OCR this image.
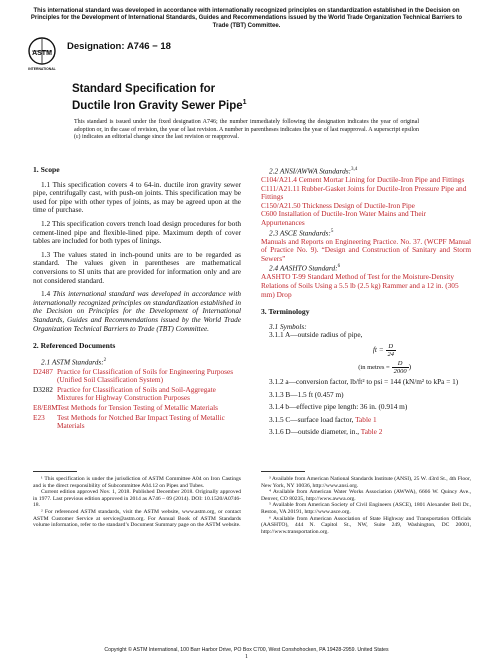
This international standard was developed in accordance with internationally recognized principles on standardization established in the Decision on Principles for the Development of International Standards, Guides and Recommendations issued by the World Trade Organization Technical Barriers to Trade (TBT) Committee.
ASTM
INTERNATIONAL
Designation: A746 − 18
Standard Specification for
Ductile Iron Gravity Sewer Pipe$^1$
This standard is issued under the fixed designation A746; the number immediately following the designation indicates the year of original adoption or, in the case of revision, the year of last revision. A number in parentheses indicates the year of last reapproval. A superscript epsilon (ε) indicates an editorial change since the last revision or reapproval.
1. Scope

1.1 This specification covers 4 to 64-in. ductile iron gravity sewer pipe, centrifugally cast, with push-on joints. This specification may be used for pipe with other types of joints, as may be agreed upon at the time of purchase.

1.2 This specification covers trench load design procedures for both cement-lined pipe and flexible-lined pipe. Maximum depth of cover tables are included for both types of linings.

1.3 The values stated in inch-pound units are to be regarded as standard. The values given in parentheses are mathematical conversions to SI units that are provided for information only and are not considered standard.

1.4 This international standard was developed in accordance with internationally recognized principles on standardization established in the Decision on Principles for the Development of International Standards, Guides and Recommendations issued by the World Trade Organization Technical Barriers to Trade (TBT) Committee.

2. Referenced Documents
2.1 ASTM Standards:$^2$
D2487 Practice for Classification of Soils for Engineering Purposes (Unified Soil Classification System)
D3282 Practice for Classification of Soils and Soil-Aggregate Mixtures for Highway Construction Purposes
E8/E8M Test Methods for Tension Testing of Metallic Materials
E23 Test Methods for Notched Bar Impact Testing of Metallic Materials
2.2 ANSI/AWWA Standards:$^{3,4}$
C104/A21.4 Cement Mortar Lining for Ductile-Iron Pipe and Fittings
C111/A21.11 Rubber-Gasket Joints for Ductile-Iron Pressure Pipe and Fittings
C150/A21.50 Thickness Design of Ductile-Iron Pipe
C600 Installation of Ductile-Iron Water Mains and Their Appurtenances
2.3 ASCE Standards:$^5$
Manuals and Reports on Engineering Practice. No. 37. (WCPF Manual of Practice No. 9). “Design and Construction of Sanitary and Storm Sewers”
2.4 AASHTO Standard:$^6$
AASHTO T-99 Standard Method of Test for the Moisture-Density Relations of Soils Using a 5.5 lb (2.5 kg) Rammer and a 12 in. (305 mm) Drop
3. Terminology
3.1 Symbols:
3.1.1 A—outside radius of pipe,
ft = $\frac{D}{24}$
(in metres = $\frac{D}{2000}$ )
3.1.2 a—conversion factor, lb/ft² to psi = 144 (kN/m² to kPa = 1)
3.1.3 B—1.5 ft (0.457 m)
3.1.4 b—effective pipe length: 36 in. (0.914 m)
3.1.5 C—surface load factor, Table 1
3.1.6 D—outside diameter, in., Table 2
¹ This specification is under the jurisdiction of ASTM Committee A04 on Iron Castings and is the direct responsibility of Subcommittee A04.12 on Pipes and Tubes.
Current edition approved Nov. 1, 2018. Published December 2018. Originally approved in 1977. Last previous edition approved in 2014 as A746 – 09 (2014). DOI: 10.1520/A0746-18.
² For referenced ASTM standards, visit the ASTM website, www.astm.org, or contact ASTM Customer Service at service@astm.org. For Annual Book of ASTM Standards volume information, refer to the standard’s Document Summary page on the ASTM website.
³ Available from American National Standards Institute (ANSI), 25 W. 43rd St., 4th Floor, New York, NY 10036, http://www.ansi.org.
⁴ Available from American Water Works Association (AWWA), 6666 W. Quincy Ave., Denver, CO 80235, http://www.awwa.org.
⁵ Available from American Society of Civil Engineers (ASCE), 1801 Alexander Bell Dr., Reston, VA 20191, http://www.asce.org.
⁶ Available from American Association of State Highway and Transportation Officials (AASHTO), 444 N. Capitol St., NW, Suite 249, Washington, DC 20001, http://www.transportation.org.
Copyright © ASTM International, 100 Barr Harbor Drive, PO Box C700, West Conshohocken, PA 19428-2959. United States
1
